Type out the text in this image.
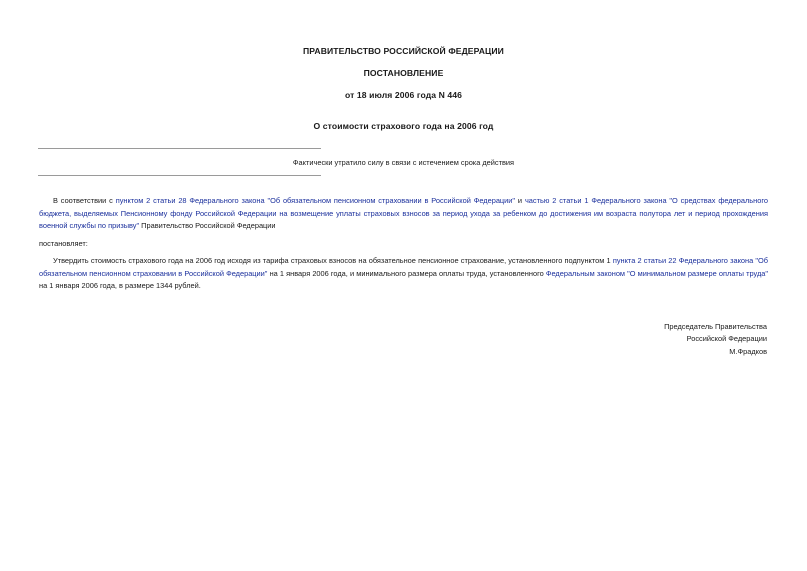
ПРАВИТЕЛЬСТВО РОССИЙСКОЙ ФЕДЕРАЦИИ
ПОСТАНОВЛЕНИЕ
от 18 июля 2006 года N 446
О стоимости страхового года на 2006 год
Фактически утратило силу в связи с истечением срока действия
В соответствии с пунктом 2 статьи 28 Федерального закона "Об обязательном пенсионном страховании в Российской Федерации" и частью 2 статьи 1 Федерального закона "О средствах федерального бюджета, выделяемых Пенсионному фонду Российской Федерации на возмещение уплаты страховых взносов за период ухода за ребенком до достижения им возраста полутора лет и период прохождения военной службы по призыву" Правительство Российской Федерации
постановляет:
Утвердить стоимость страхового года на 2006 год исходя из тарифа страховых взносов на обязательное пенсионное страхование, установленного подпунктом 1 пункта 2 статьи 22 Федерального закона "Об обязательном пенсионном страховании в Российской Федерации" на 1 января 2006 года, и минимального размера оплаты труда, установленного Федеральным законом "О минимальном размере оплаты труда" на 1 января 2006 года, в размере 1344 рублей.
Председатель Правительства
Российской Федерации
М.Фрадков
